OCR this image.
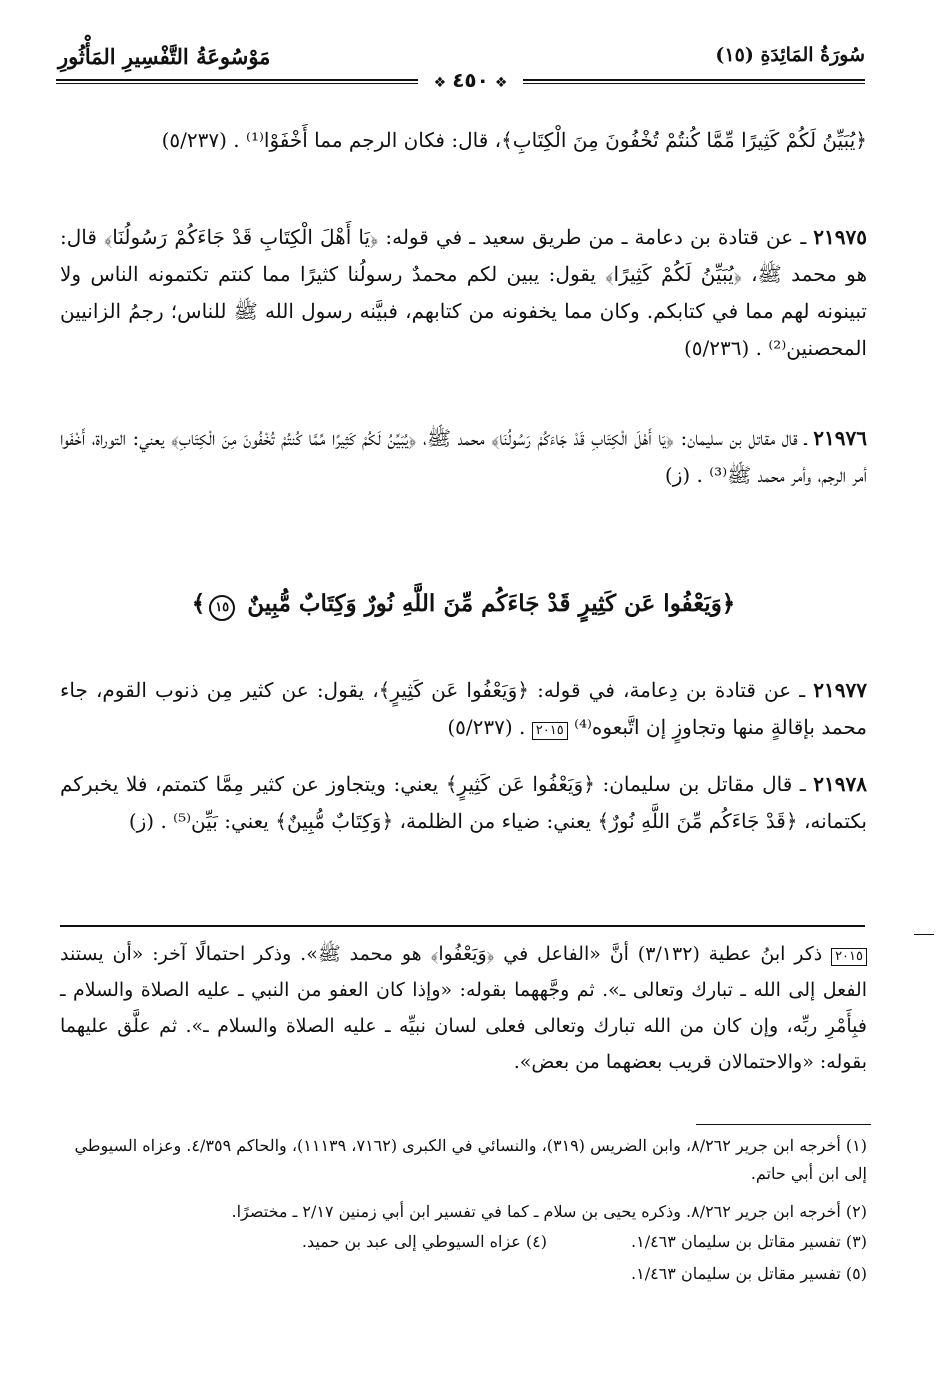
مَوْسُوعَةُ التَّفْسِيرِ المَأْثُورِ	سُورَةُ المَائِدَةِ (١٥)
❖٤٥٠❖
﴿يُبَيِّنُ لَكُمْ كَثِيرًا مِّمَّا كُنتُمْ تُخْفُونَ مِنَ الْكِتَابِ﴾، قال: فكان الرجم مما أَخْفَوْا⁽¹⁾ . (٥/٢٣٧)
٢١٩٧٥ ـ عن قتادة بن دعامة ـ من طريق سعيد ـ في قوله: ﴿يَا أَهْلَ الْكِتَابِ قَدْ جَاءَكُمْ رَسُولُنَا﴾ قال: هو محمد ﷺ، ﴿يُبَيِّنُ لَكُمْ كَثِيرًا﴾ يقول: يبين لكم محمدٌ رسولُنا كثيرًا مما كنتم تكتمونه الناس ولا تبينونه لهم مما في كتابكم. وكان مما يخفونه من كتابهم، فبيَّنه رسول الله ﷺ للناس؛ رجمُ الزانيين المحصنين⁽²⁾ . (٥/٢٣٦)
٢١٩٧٦ ـ قال مقاتل بن سليمان: ﴿يَا أَهْلَ الْكِتَابِ قَدْ جَاءَكُمْ رَسُولُنَا﴾ محمد ﷺ، ﴿يُبَيِّنُ لَكُمْ كَثِيرًا مِّمَّا كُنتُمْ تُخْفُونَ مِنَ الْكِتَابِ﴾ يعني: التوراة، أَخْفَوا أمر الرجم، وأمر محمد ﷺ⁽³⁾ . (ز)
﴿وَيَعْفُوا عَن كَثِيرٍ قَدْ جَاءَكُم مِّنَ اللَّهِ نُورٌ وَكِتَابٌ مُّبِينٌ ١٥﴾
٢١٩٧٧ ـ عن قتادة بن دِعامة، في قوله: ﴿وَيَعْفُوا عَن كَثِيرٍ﴾، يقول: عن كثير مِن ذنوب القوم، جاء محمد بإقالةٍ منها وتجاوزٍ إن اتَّبعوه⁽⁴⁾ ٢٠١٥ . (٥/٢٣٧)
٢١٩٧٨ ـ قال مقاتل بن سليمان: ﴿وَيَعْفُوا عَن كَثِيرٍ﴾ يعني: ويتجاوز عن كثير مِمَّا كتمتم، فلا يخبركم بكتمانه، ﴿قَدْ جَاءَكُم مِّنَ اللَّهِ نُورٌ﴾ يعني: ضياء من الظلمة، ﴿وَكِتَابٌ مُّبِينٌ﴾ يعني: بَيِّن⁽⁵⁾ . (ز)
٢٠١٥ ذكر ابنُ عطية (٣/١٣٢) أنَّ «الفاعل في ﴿وَيَعْفُوا﴾ هو محمد ﷺ». وذكر احتمالًا آخر: «أن يستند الفعل إلى الله ـ تبارك وتعالى ـ». ثم وجَّههما بقوله: «وإذا كان العفو من النبي ـ عليه الصلاة والسلام ـ فبِأَمْرِ ربِّه، وإن كان من الله تبارك وتعالى فعلى لسان نبيِّه ـ عليه الصلاة والسلام ـ». ثم علَّق عليهما بقوله: «والاحتمالان قريب بعضهما من بعض».
(١) أخرجه ابن جرير ٨/٢٦٢، وابن الضريس (٣١٩)، والنسائي في الكبرى (٧١٦٢، ١١١٣٩)، والحاكم ٤/٣٥٩. وعزاه السيوطي إلى ابن أبي حاتم.
(٢) أخرجه ابن جرير ٨/٢٦٢. وذكره يحيى بن سلام ـ كما في تفسير ابن أبي زمنين ٢/١٧ ـ مختصرًا.
(٣) تفسير مقاتل بن سليمان ١/٤٦٣.
(٤) عزاه السيوطي إلى عبد بن حميد.
(٥) تفسير مقاتل بن سليمان ١/٤٦٣.
